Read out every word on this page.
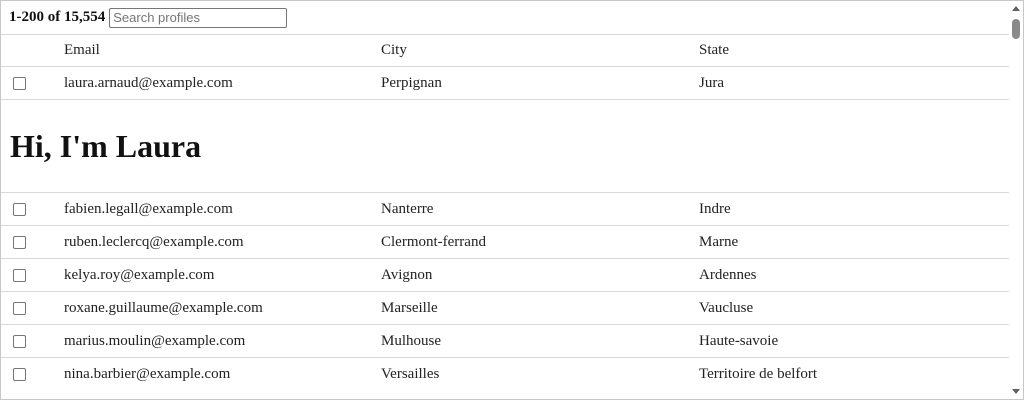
1-200 of 15,554
Search profiles
Email	City	State
laura.arnaud@example.com	Perpignan	Jura
Hi, I'm Laura
fabien.legall@example.com	Nanterre	Indre
ruben.leclercq@example.com	Clermont-ferrand	Marne
kelya.roy@example.com	Avignon	Ardennes
roxane.guillaume@example.com	Marseille	Vaucluse
marius.moulin@example.com	Mulhouse	Haute-savoie
nina.barbier@example.com	Versailles	Territoire de belfort
